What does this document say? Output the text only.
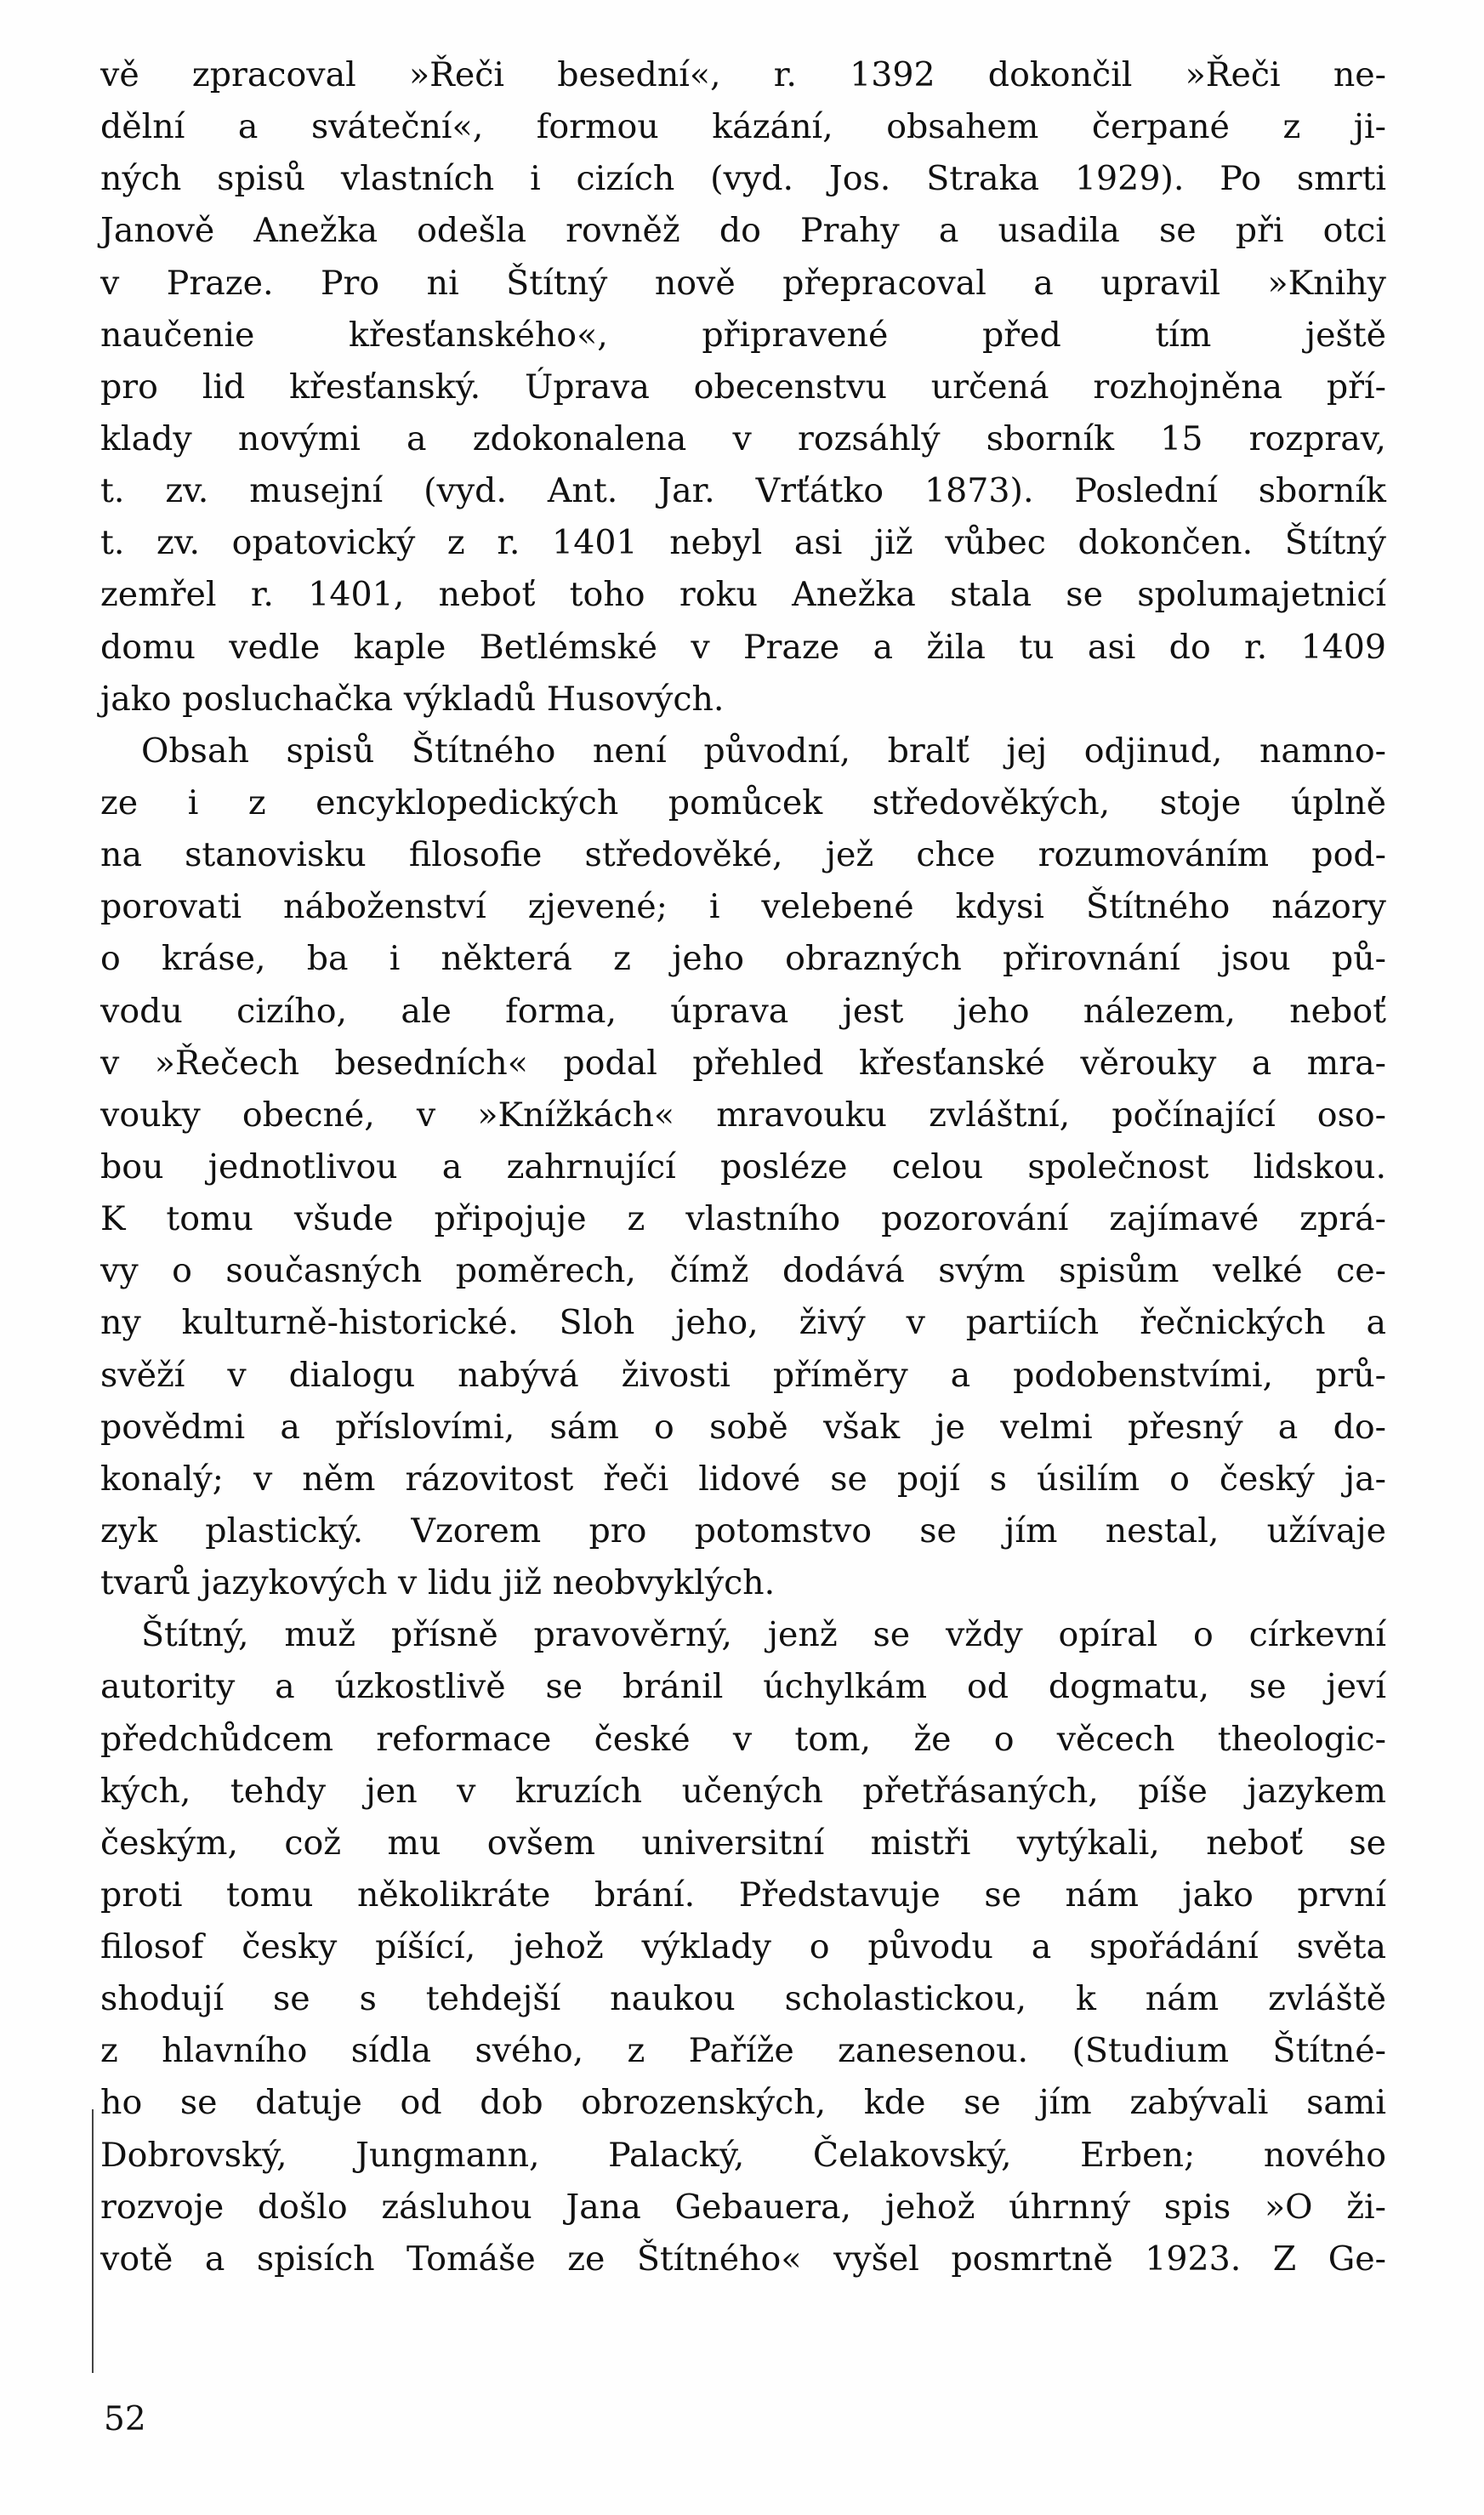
vě zpracoval »Řeči besední«, r. 1392 dokončil »Řeči ne-
dělní a sváteční«, formou kázání, obsahem čerpané z ji-
ných spisů vlastních i cizích (vyd. Jos. Straka 1929). Po smrti
Janově Anežka odešla rovněž do Prahy a usadila se při otci
v Praze. Pro ni Štítný nově přepracoval a upravil »Knihy
naučenie křesťanského«, připravené před tím ještě
pro lid křesťanský. Úprava obecenstvu určená rozhojněna pří-
klady novými a zdokonalena v rozsáhlý sborník 15 rozprav,
t. zv. musejní (vyd. Ant. Jar. Vrťátko 1873). Poslední sborník
t. zv. opatovický z r. 1401 nebyl asi již vůbec dokončen. Štítný
zemřel r. 1401, neboť toho roku Anežka stala se spolumajetnicí
domu vedle kaple Betlémské v Praze a žila tu asi do r. 1409
jako posluchačka výkladů Husových.
Obsah spisů Štítného není původní, bralť jej odjinud, namno-
ze i z encyklopedických pomůcek středověkých, stoje úplně
na stanovisku filosofie středověké, jež chce rozumováním pod-
porovati náboženství zjevené; i velebené kdysi Štítného názory
o kráse, ba i některá z jeho obrazných přirovnání jsou pů-
vodu cizího, ale forma, úprava jest jeho nálezem, neboť
v »Řečech besedních« podal přehled křesťanské věrouky a mra-
vouky obecné, v »Knížkách« mravouku zvláštní, počínající oso-
bou jednotlivou a zahrnující posléze celou společnost lidskou.
K tomu všude připojuje z vlastního pozorování zajímavé zprá-
vy o současných poměrech, čímž dodává svým spisům velké ce-
ny kulturně-historické. Sloh jeho, živý v partiích řečnických a
svěží v dialogu nabývá živosti příměry a podobenstvími, prů-
povědmi a příslovími, sám o sobě však je velmi přesný a do-
konalý; v něm rázovitost řeči lidové se pojí s úsilím o český ja-
zyk plastický. Vzorem pro potomstvo se jím nestal, užívaje
tvarů jazykových v lidu již neobvyklých.
Štítný, muž přísně pravověrný, jenž se vždy opíral o církevní
autority a úzkostlivě se bránil úchylkám od dogmatu, se jeví
předchůdcem reformace české v tom, že o věcech theologic-
kých, tehdy jen v kruzích učených přetřásaných, píše jazykem
českým, což mu ovšem universitní mistři vytýkali, neboť se
proti tomu několikráte brání. Představuje se nám jako první
filosof česky píšící, jehož výklady o původu a spořádání světa
shodují se s tehdejší naukou scholastickou, k nám zvláště
z hlavního sídla svého, z Paříže zanesenou. (Studium Štítné-
ho se datuje od dob obrozenských, kde se jím zabývali sami
Dobrovský, Jungmann, Palacký, Čelakovský, Erben; nového
rozvoje došlo zásluhou Jana Gebauera, jehož úhrnný spis »O ži-
votě a spisích Tomáše ze Štítného« vyšel posmrtně 1923. Z Ge-
52
